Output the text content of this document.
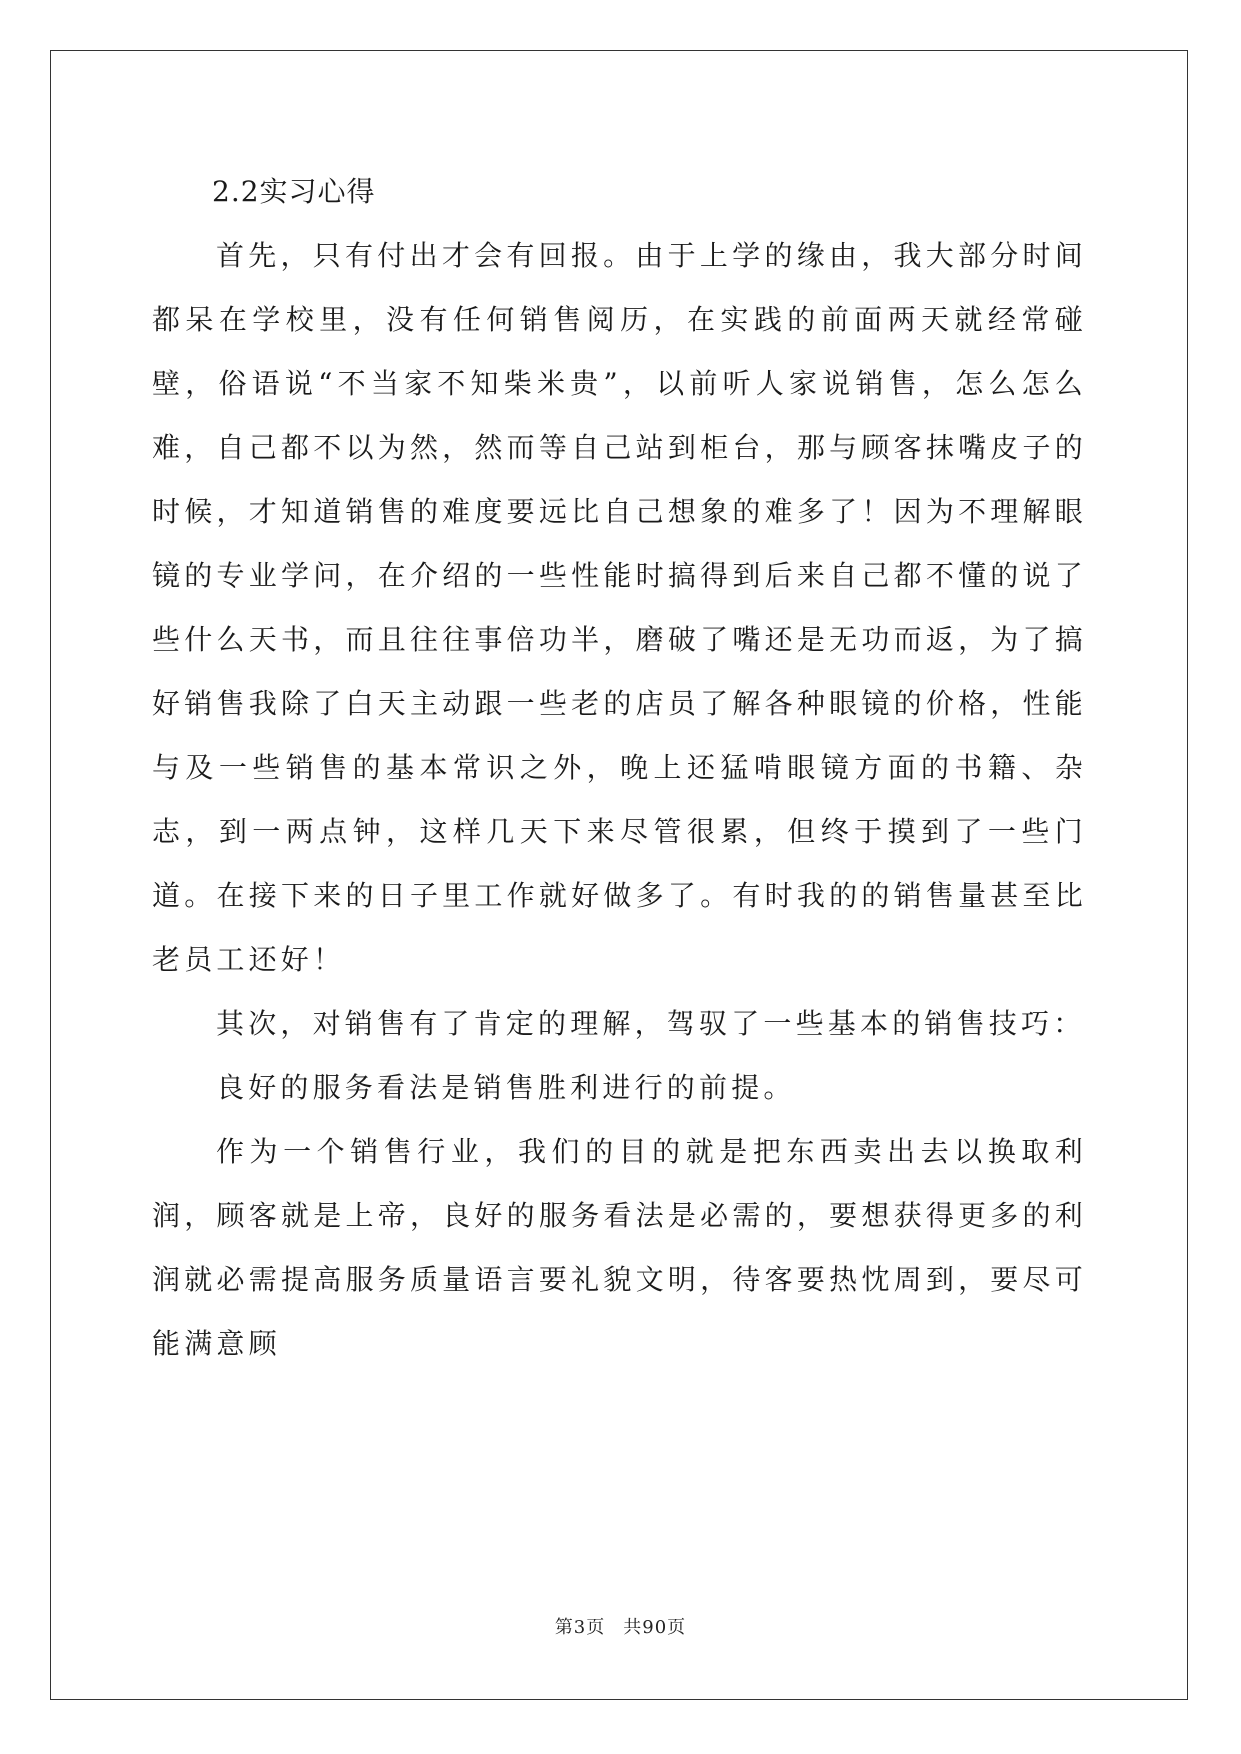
2.2实习心得

首先，只有付出才会有回报。由于上学的缘由，我大部分时间都呆在学校里，没有任何销售阅历，在实践的前面两天就经常碰壁，俗语说“不当家不知柴米贵”，以前听人家说销售，怎么怎么难，自己都不以为然，然而等自己站到柜台，那与顾客抹嘴皮子的时候，才知道销售的难度要远比自己想象的难多了！因为不理解眼镜的专业学问，在介绍的一些性能时搞得到后来自己都不懂的说了些什么天书，而且往往事倍功半，磨破了嘴还是无功而返，为了搞好销售我除了白天主动跟一些老的店员了解各种眼镜的价格，性能与及一些销售的基本常识之外，晚上还猛啃眼镜方面的书籍、杂志，到一两点钟，这样几天下来尽管很累，但终于摸到了一些门道。在接下来的日子里工作就好做多了。有时我的的销售量甚至比老员工还好！

其次，对销售有了肯定的理解，驾驭了一些基本的销售技巧：

良好的服务看法是销售胜利进行的前提。

作为一个销售行业，我们的目的就是把东西卖出去以换取利润，顾客就是上帝，良好的服务看法是必需的，要想获得更多的利润就必需提高服务质量语言要礼貌文明，待客要热忱周到，要尽可能满意顾

第3页 共90页
